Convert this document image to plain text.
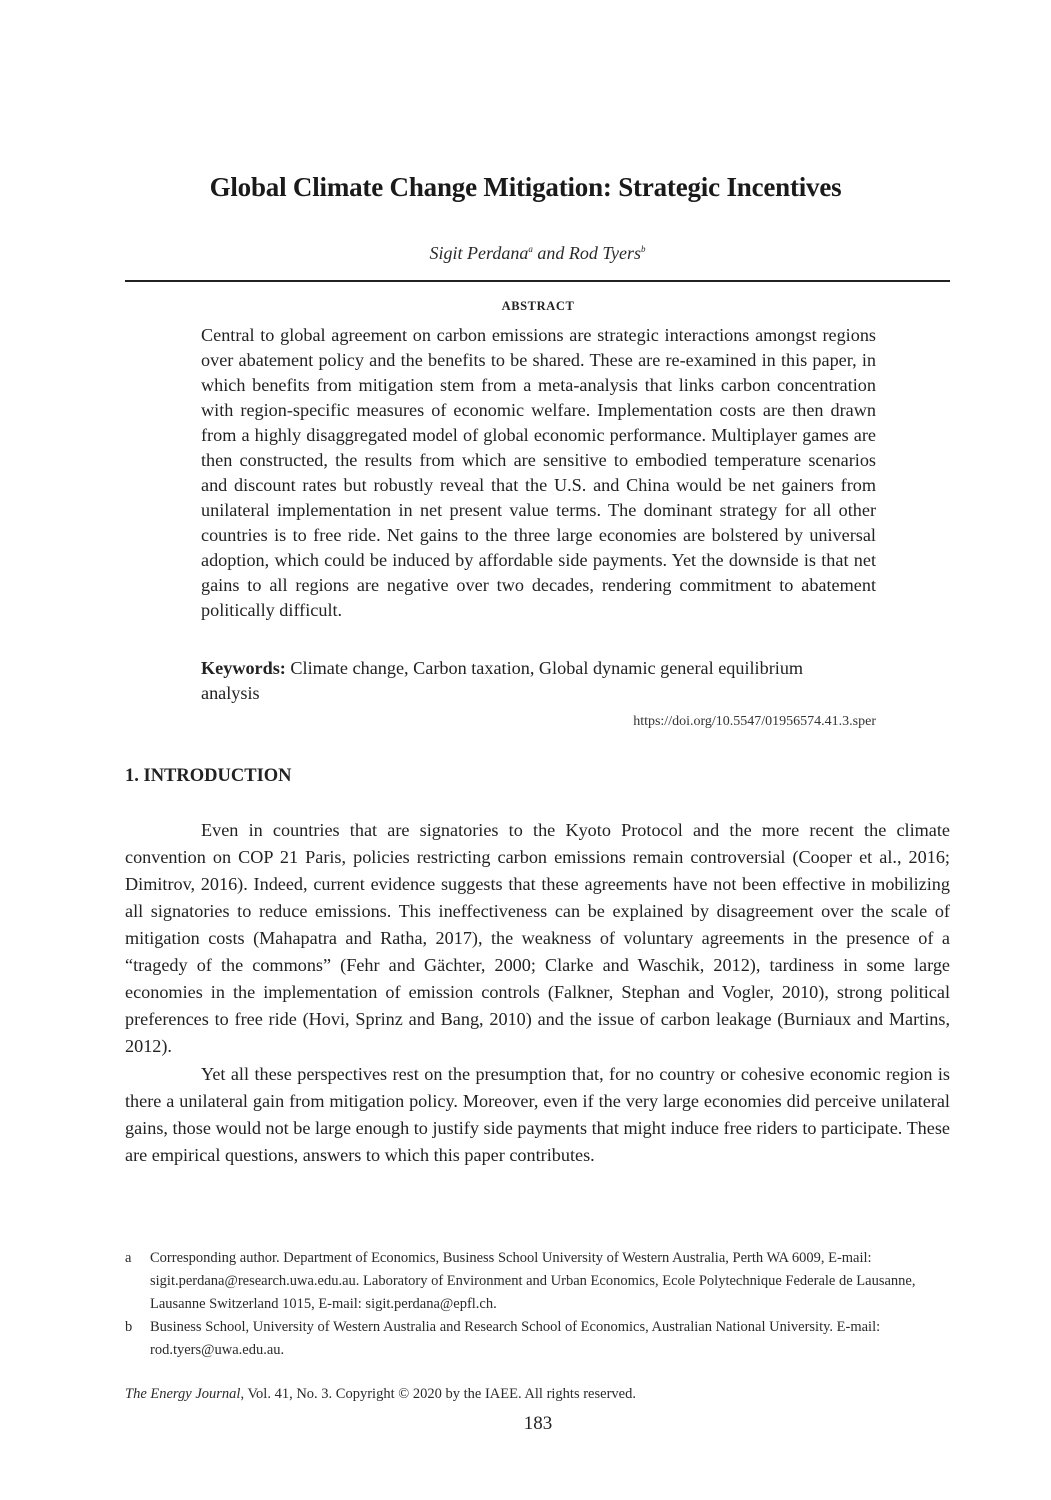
Global Climate Change Mitigation: Strategic Incentives
Sigit Perdana$^a$ and Rod Tyers$^b$
ABSTRACT
Central to global agreement on carbon emissions are strategic interactions amongst regions over abatement policy and the benefits to be shared. These are re-examined in this paper, in which benefits from mitigation stem from a meta-analysis that links carbon concentration with region-specific measures of economic welfare. Implementation costs are then drawn from a highly disaggregated model of global economic performance. Multiplayer games are then constructed, the results from which are sensitive to embodied temperature scenarios and discount rates but robustly reveal that the U.S. and China would be net gainers from unilateral implementation in net present value terms. The dominant strategy for all other countries is to free ride. Net gains to the three large economies are bolstered by universal adoption, which could be induced by affordable side payments. Yet the downside is that net gains to all regions are negative over two decades, rendering commitment to abatement politically difficult.
Keywords: Climate change, Carbon taxation, Global dynamic general equilibrium analysis
https://doi.org/10.5547/01956574.41.3.sper
1. INTRODUCTION

Even in countries that are signatories to the Kyoto Protocol and the more recent the climate convention on COP 21 Paris, policies restricting carbon emissions remain controversial (Cooper et al., 2016; Dimitrov, 2016). Indeed, current evidence suggests that these agreements have not been effective in mobilizing all signatories to reduce emissions. This ineffectiveness can be explained by disagreement over the scale of mitigation costs (Mahapatra and Ratha, 2017), the weakness of voluntary agreements in the presence of a “tragedy of the commons” (Fehr and Gächter, 2000; Clarke and Waschik, 2012), tardiness in some large economies in the implementation of emission controls (Falkner, Stephan and Vogler, 2010), strong political preferences to free ride (Hovi, Sprinz and Bang, 2010) and the issue of carbon leakage (Burniaux and Martins, 2012).

Yet all these perspectives rest on the presumption that, for no country or cohesive economic region is there a unilateral gain from mitigation policy. Moreover, even if the very large economies did perceive unilateral gains, those would not be large enough to justify side payments that might induce free riders to participate. These are empirical questions, answers to which this paper contributes.

a	Corresponding author. Department of Economics, Business School University of Western Australia, Perth WA 6009, E-mail: sigit.perdana@research.uwa.edu.au. Laboratory of Environment and Urban Economics, Ecole Polytechnique Federale de Lausanne, Lausanne Switzerland 1015, E-mail: sigit.perdana@epfl.ch.
b	Business School, University of Western Australia and Research School of Economics, Australian National University. E-mail: rod.tyers@uwa.edu.au.
The Energy Journal, Vol. 41, No. 3. Copyright © 2020 by the IAEE. All rights reserved.
183
